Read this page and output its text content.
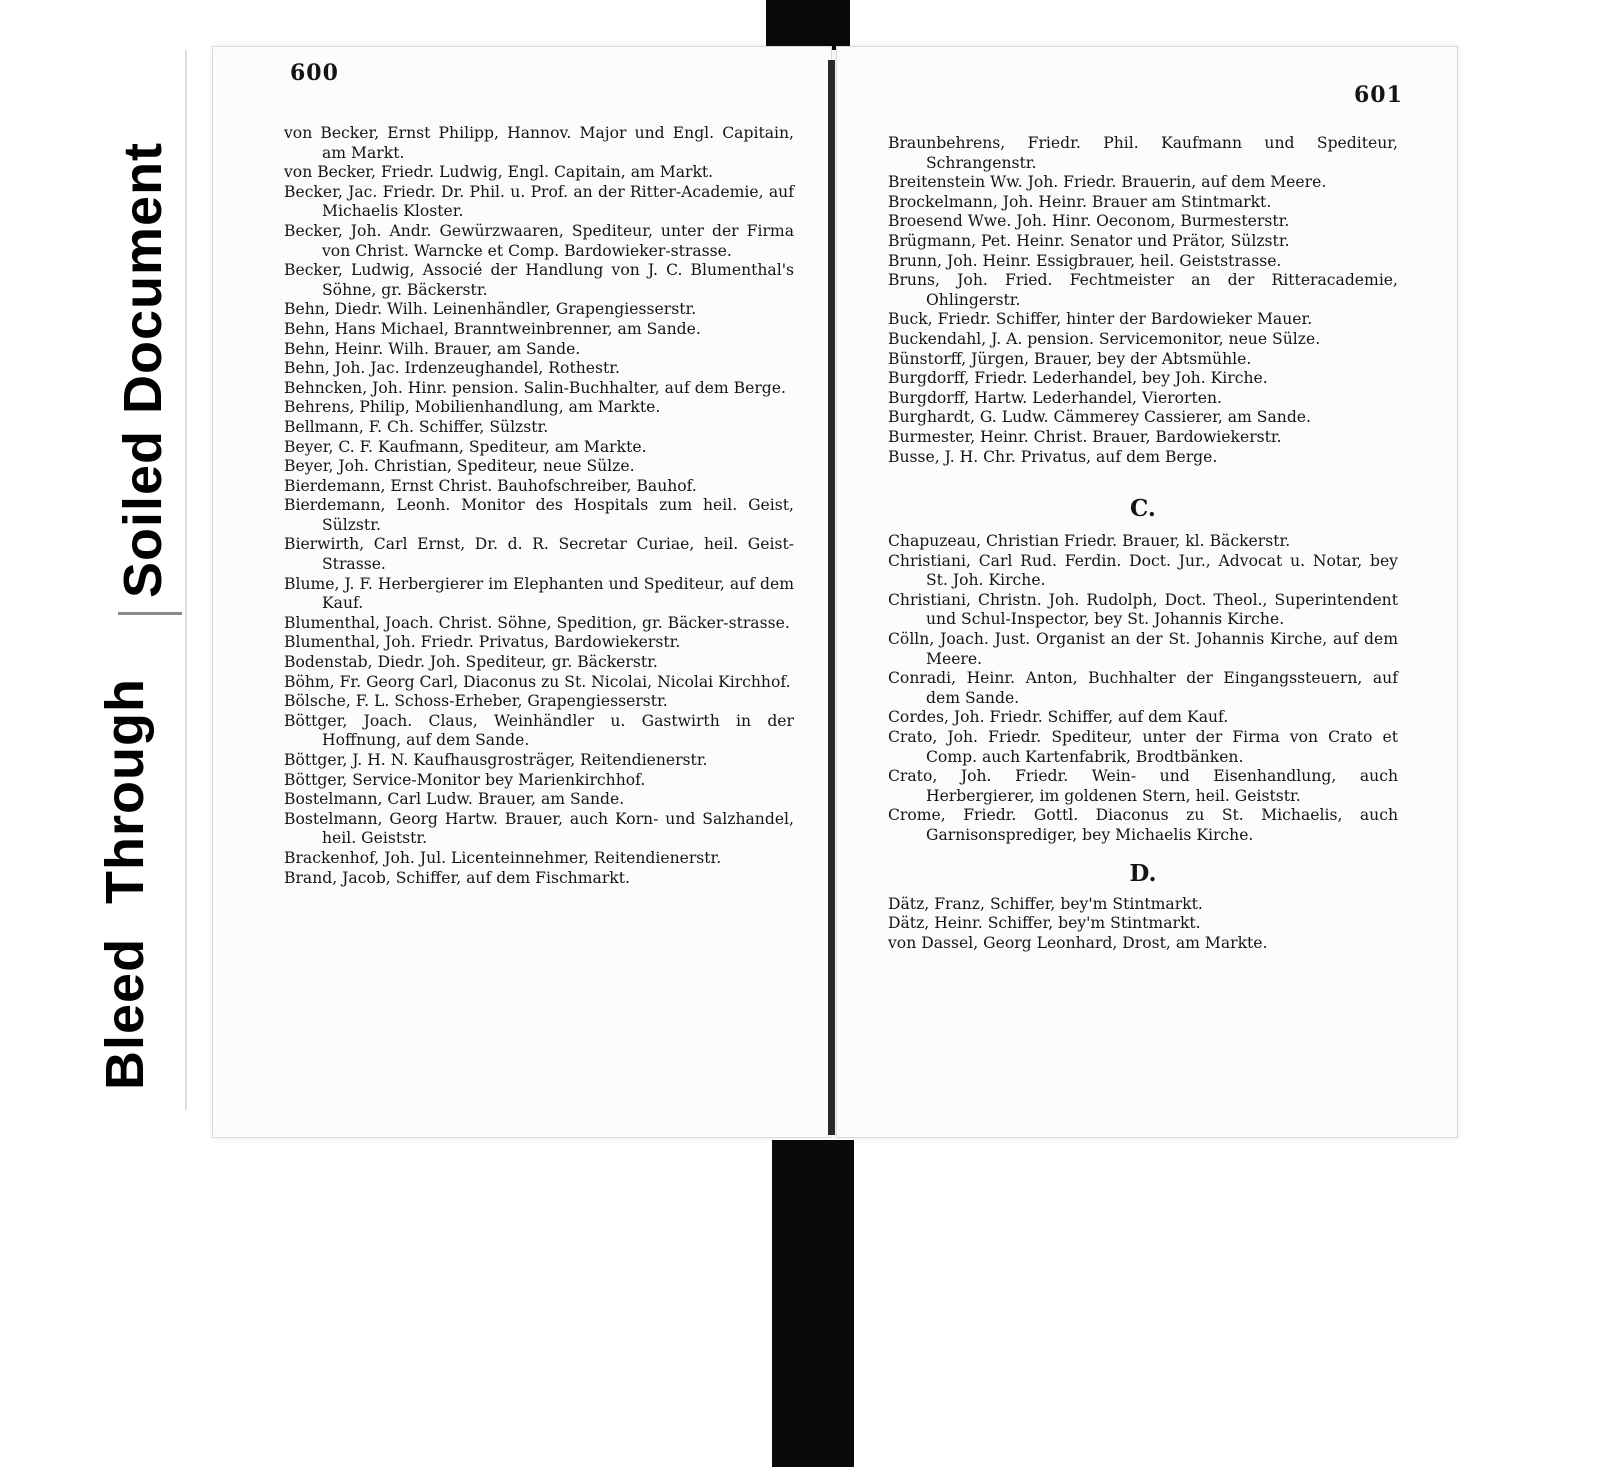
Bleed Through
Soiled Document
600
601

von Becker, Ernst Philipp, Hannov. Major und Engl. Capitain, am Markt.

von Becker, Friedr. Ludwig, Engl. Capitain, am Markt.

Becker, Jac. Friedr. Dr. Phil. u. Prof. an der Ritter-Academie, auf Michaelis Kloster.

Becker, Joh. Andr. Gewürzwaaren, Spediteur, unter der Firma von Christ. Warncke et Comp. Bardowieker-strasse.

Becker, Ludwig, Associé der Handlung von J. C. Blumenthal's Söhne, gr. Bäckerstr.

Behn, Diedr. Wilh. Leinenhändler, Grapengiesserstr.

Behn, Hans Michael, Branntweinbrenner, am Sande.

Behn, Heinr. Wilh. Brauer, am Sande.

Behn, Joh. Jac. Irdenzeughandel, Rothestr.

Behncken, Joh. Hinr. pension. Salin-Buchhalter, auf dem Berge.

Behrens, Philip, Mobilienhandlung, am Markte.

Bellmann, F. Ch. Schiffer, Sülzstr.

Beyer, C. F. Kaufmann, Spediteur, am Markte.

Beyer, Joh. Christian, Spediteur, neue Sülze.

Bierdemann, Ernst Christ. Bauhofschreiber, Bauhof.

Bierdemann, Leonh. Monitor des Hospitals zum heil. Geist, Sülzstr.

Bierwirth, Carl Ernst, Dr. d. R. Secretar Curiae, heil. Geist-Strasse.

Blume, J. F. Herbergierer im Elephanten und Spediteur, auf dem Kauf.

Blumenthal, Joach. Christ. Söhne, Spedition, gr. Bäcker-strasse.

Blumenthal, Joh. Friedr. Privatus, Bardowiekerstr.

Bodenstab, Diedr. Joh. Spediteur, gr. Bäckerstr.

Böhm, Fr. Georg Carl, Diaconus zu St. Nicolai, Nicolai Kirchhof.

Bölsche, F. L. Schoss-Erheber, Grapengiesserstr.

Böttger, Joach. Claus, Weinhändler u. Gastwirth in der Hoffnung, auf dem Sande.

Böttger, J. H. N. Kaufhausgrosträger, Reitendienerstr.

Böttger, Service-Monitor bey Marienkirchhof.

Bostelmann, Carl Ludw. Brauer, am Sande.

Bostelmann, Georg Hartw. Brauer, auch Korn- und Salzhandel, heil. Geiststr.

Brackenhof, Joh. Jul. Licenteinnehmer, Reitendienerstr.

Brand, Jacob, Schiffer, auf dem Fischmarkt.

Braunbehrens, Friedr. Phil. Kaufmann und Spediteur, Schrangenstr.

Breitenstein Ww. Joh. Friedr. Brauerin, auf dem Meere.

Brockelmann, Joh. Heinr. Brauer am Stintmarkt.

Broesend Wwe. Joh. Hinr. Oeconom, Burmesterstr.

Brügmann, Pet. Heinr. Senator und Prätor, Sülzstr.

Brunn, Joh. Heinr. Essigbrauer, heil. Geiststrasse.

Bruns, Joh. Fried. Fechtmeister an der Ritteracademie, Ohlingerstr.

Buck, Friedr. Schiffer, hinter der Bardowieker Mauer.

Buckendahl, J. A. pension. Servicemonitor, neue Sülze.

Bünstorff, Jürgen, Brauer, bey der Abtsmühle.

Burgdorff, Friedr. Lederhandel, bey Joh. Kirche.

Burgdorff, Hartw. Lederhandel, Vierorten.

Burghardt, G. Ludw. Cämmerey Cassierer, am Sande.

Burmester, Heinr. Christ. Brauer, Bardowiekerstr.

Busse, J. H. Chr. Privatus, auf dem Berge.

C.

Chapuzeau, Christian Friedr. Brauer, kl. Bäckerstr.

Christiani, Carl Rud. Ferdin. Doct. Jur., Advocat u. Notar, bey St. Joh. Kirche.

Christiani, Christn. Joh. Rudolph, Doct. Theol., Superintendent und Schul-Inspector, bey St. Johannis Kirche.

Cölln, Joach. Just. Organist an der St. Johannis Kirche, auf dem Meere.

Conradi, Heinr. Anton, Buchhalter der Eingangssteuern, auf dem Sande.

Cordes, Joh. Friedr. Schiffer, auf dem Kauf.

Crato, Joh. Friedr. Spediteur, unter der Firma von Crato et Comp. auch Kartenfabrik, Brodtbänken.

Crato, Joh. Friedr. Wein- und Eisenhandlung, auch Herbergierer, im goldenen Stern, heil. Geiststr.

Crome, Friedr. Gottl. Diaconus zu St. Michaelis, auch Garnisonsprediger, bey Michaelis Kirche.

D.

Dätz, Franz, Schiffer, bey'm Stintmarkt.

Dätz, Heinr. Schiffer, bey'm Stintmarkt.

von Dassel, Georg Leonhard, Drost, am Markte.
